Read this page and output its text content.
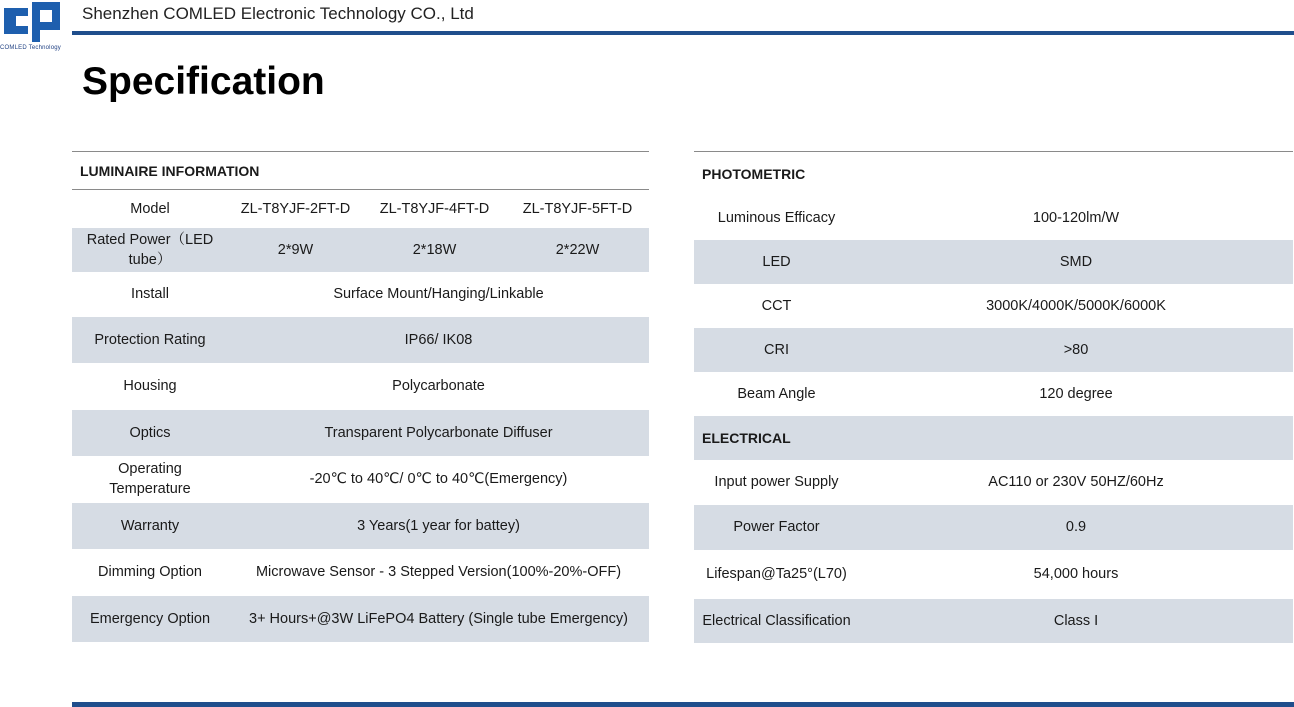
COMLED Technology
Shenzhen COMLED Electronic Technology CO., Ltd
Specification
LUMINAIRE INFORMATION			
Model	ZL-T8YJF-2FT-D	ZL-T8YJF-4FT-D	ZL-T8YJF-5FT-D
Rated Power（LED tube）	2*9W	2*18W	2*22W
Install	Surface Mount/Hanging/Linkable		
Protection Rating	IP66/ IK08		
Housing	Polycarbonate		
Optics	Transparent Polycarbonate Diffuser		
Operating Temperature	-20℃ to 40℃/ 0℃ to 40℃(Emergency)		
Warranty	3 Years(1 year for battey)		
Dimming Option	Microwave Sensor - 3 Stepped Version(100%-20%-OFF)		
Emergency Option	3+ Hours+@3W LiFePO4 Battery (Single tube Emergency)		
PHOTOMETRIC	
Luminous Efficacy	100-120lm/W
LED	SMD
CCT	3000K/4000K/5000K/6000K
CRI	>80
Beam Angle	120 degree
ELECTRICAL	
Input power Supply	AC110 or 230V 50HZ/60Hz
Power Factor	0.9
Lifespan@Ta25°(L70)	54,000 hours
Electrical Classification	Class I
